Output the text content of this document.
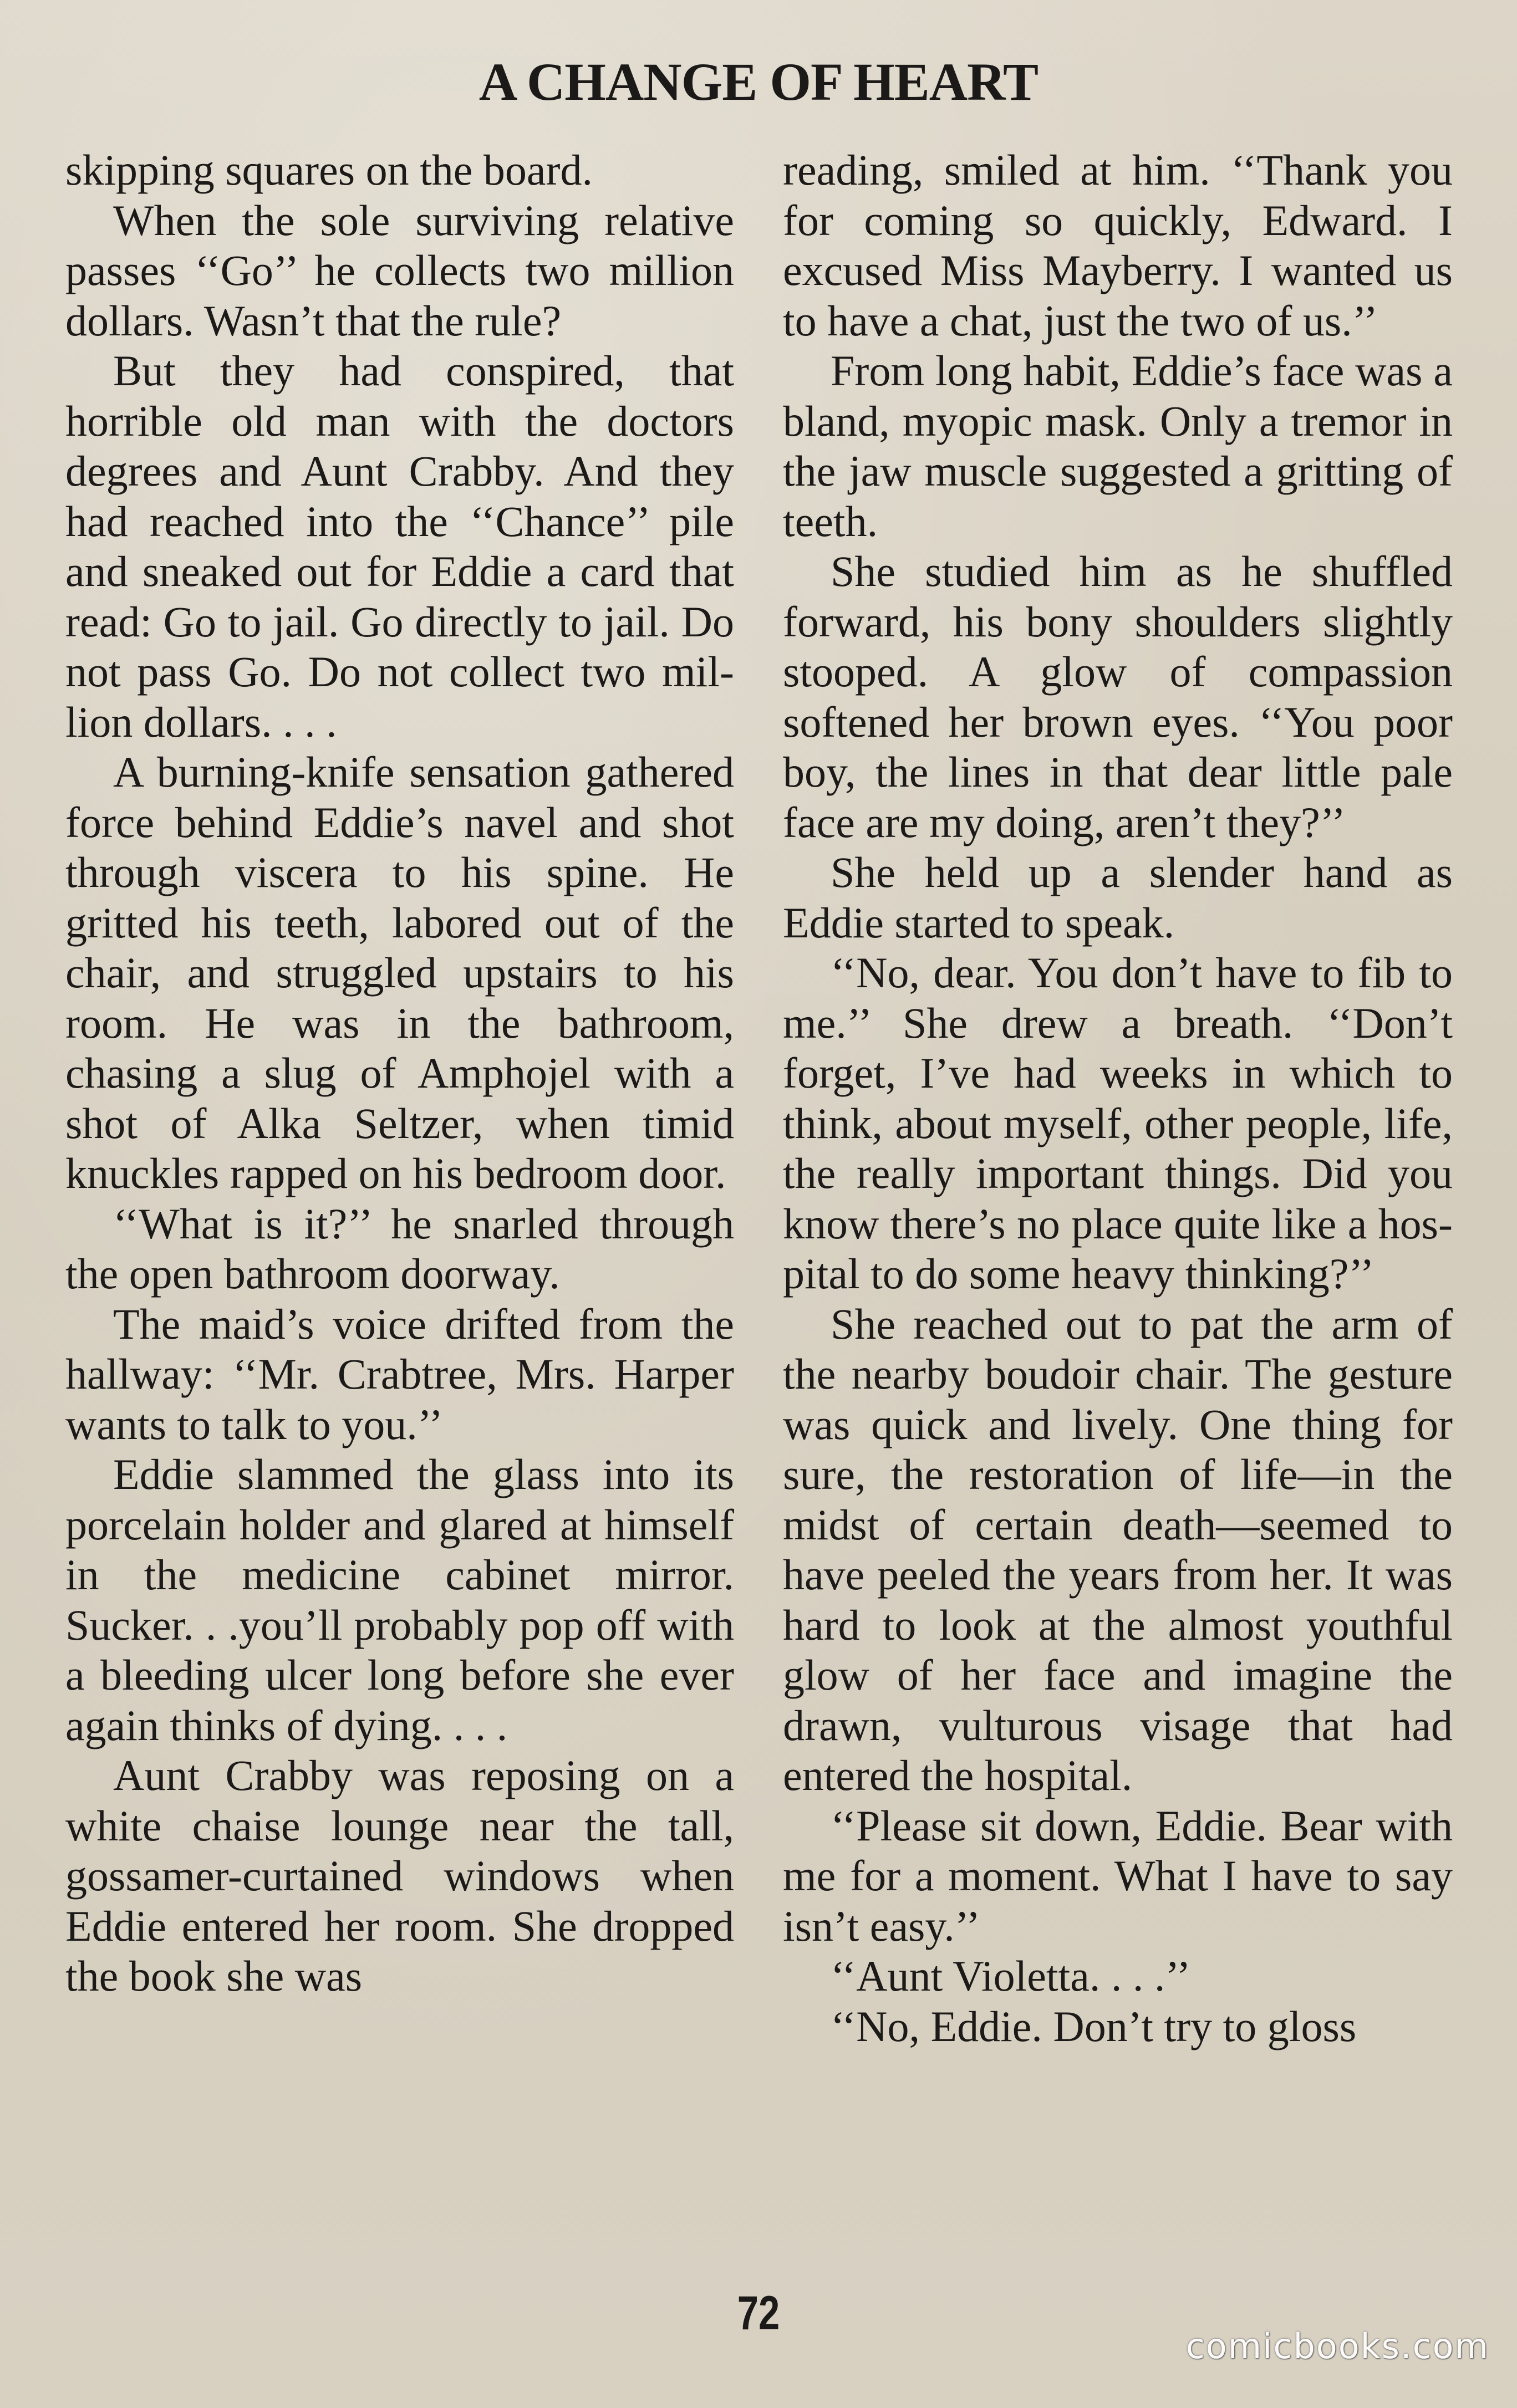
A CHANGE OF HEART

skipping squares on the board.

When the sole surviving relative passes ‘‘Go’’ he collects two million dollars. Wasn’t that the rule?

But they had conspired, that horrible old man with the doctors degrees and Aunt Crabby. And they had reached into the ‘‘Chance’’ pile and sneaked out for Eddie a card that read: Go to jail. Go directly to jail. Do not pass Go. Do not collect two million dollars. . . .

A burning-knife sensation gathered force behind Eddie’s navel and shot through viscera to his spine. He gritted his teeth, labored out of the chair, and struggled upstairs to his room. He was in the bathroom, chasing a slug of Amphojel with a shot of Alka Seltzer, when timid knuckles rapped on his bedroom door.

‘‘What is it?’’ he snarled through the open bathroom doorway.

The maid’s voice drifted from the hallway: ‘‘Mr. Crabtree, Mrs. Harper wants to talk to you.’’

Eddie slammed the glass into its porcelain holder and glared at himself in the medicine cabinet mirror. Sucker. . .you’ll probably pop off with a bleeding ulcer long before she ever again thinks of dying. . . .

Aunt Crabby was reposing on a white chaise lounge near the tall, gossamer-curtained windows when Eddie entered her room. She dropped the book she was

reading, smiled at him. ‘‘Thank you for coming so quickly, Edward. I excused Miss Mayberry. I wanted us to have a chat, just the two of us.’’

From long habit, Eddie’s face was a bland, myopic mask. Only a tremor in the jaw muscle suggested a gritting of teeth.

She studied him as he shuffled forward, his bony shoulders slightly stooped. A glow of compassion softened her brown eyes. ‘‘You poor boy, the lines in that dear little pale face are my doing, aren’t they?’’

She held up a slender hand as Eddie started to speak.

‘‘No, dear. You don’t have to fib to me.’’ She drew a breath. ‘‘Don’t forget, I’ve had weeks in which to think, about myself, other people, life, the really important things. Did you know there’s no place quite like a hospital to do some heavy thinking?’’

She reached out to pat the arm of the nearby boudoir chair. The gesture was quick and lively. One thing for sure, the restoration of life—in the midst of certain death—seemed to have peeled the years from her. It was hard to look at the almost youthful glow of her face and imagine the drawn, vulturous visage that had entered the hospital.

‘‘Please sit down, Eddie. Bear with me for a moment. What I have to say isn’t easy.’’

‘‘Aunt Violetta. . . .’’

‘‘No, Eddie. Don’t try to gloss

72
comicbooks.com
